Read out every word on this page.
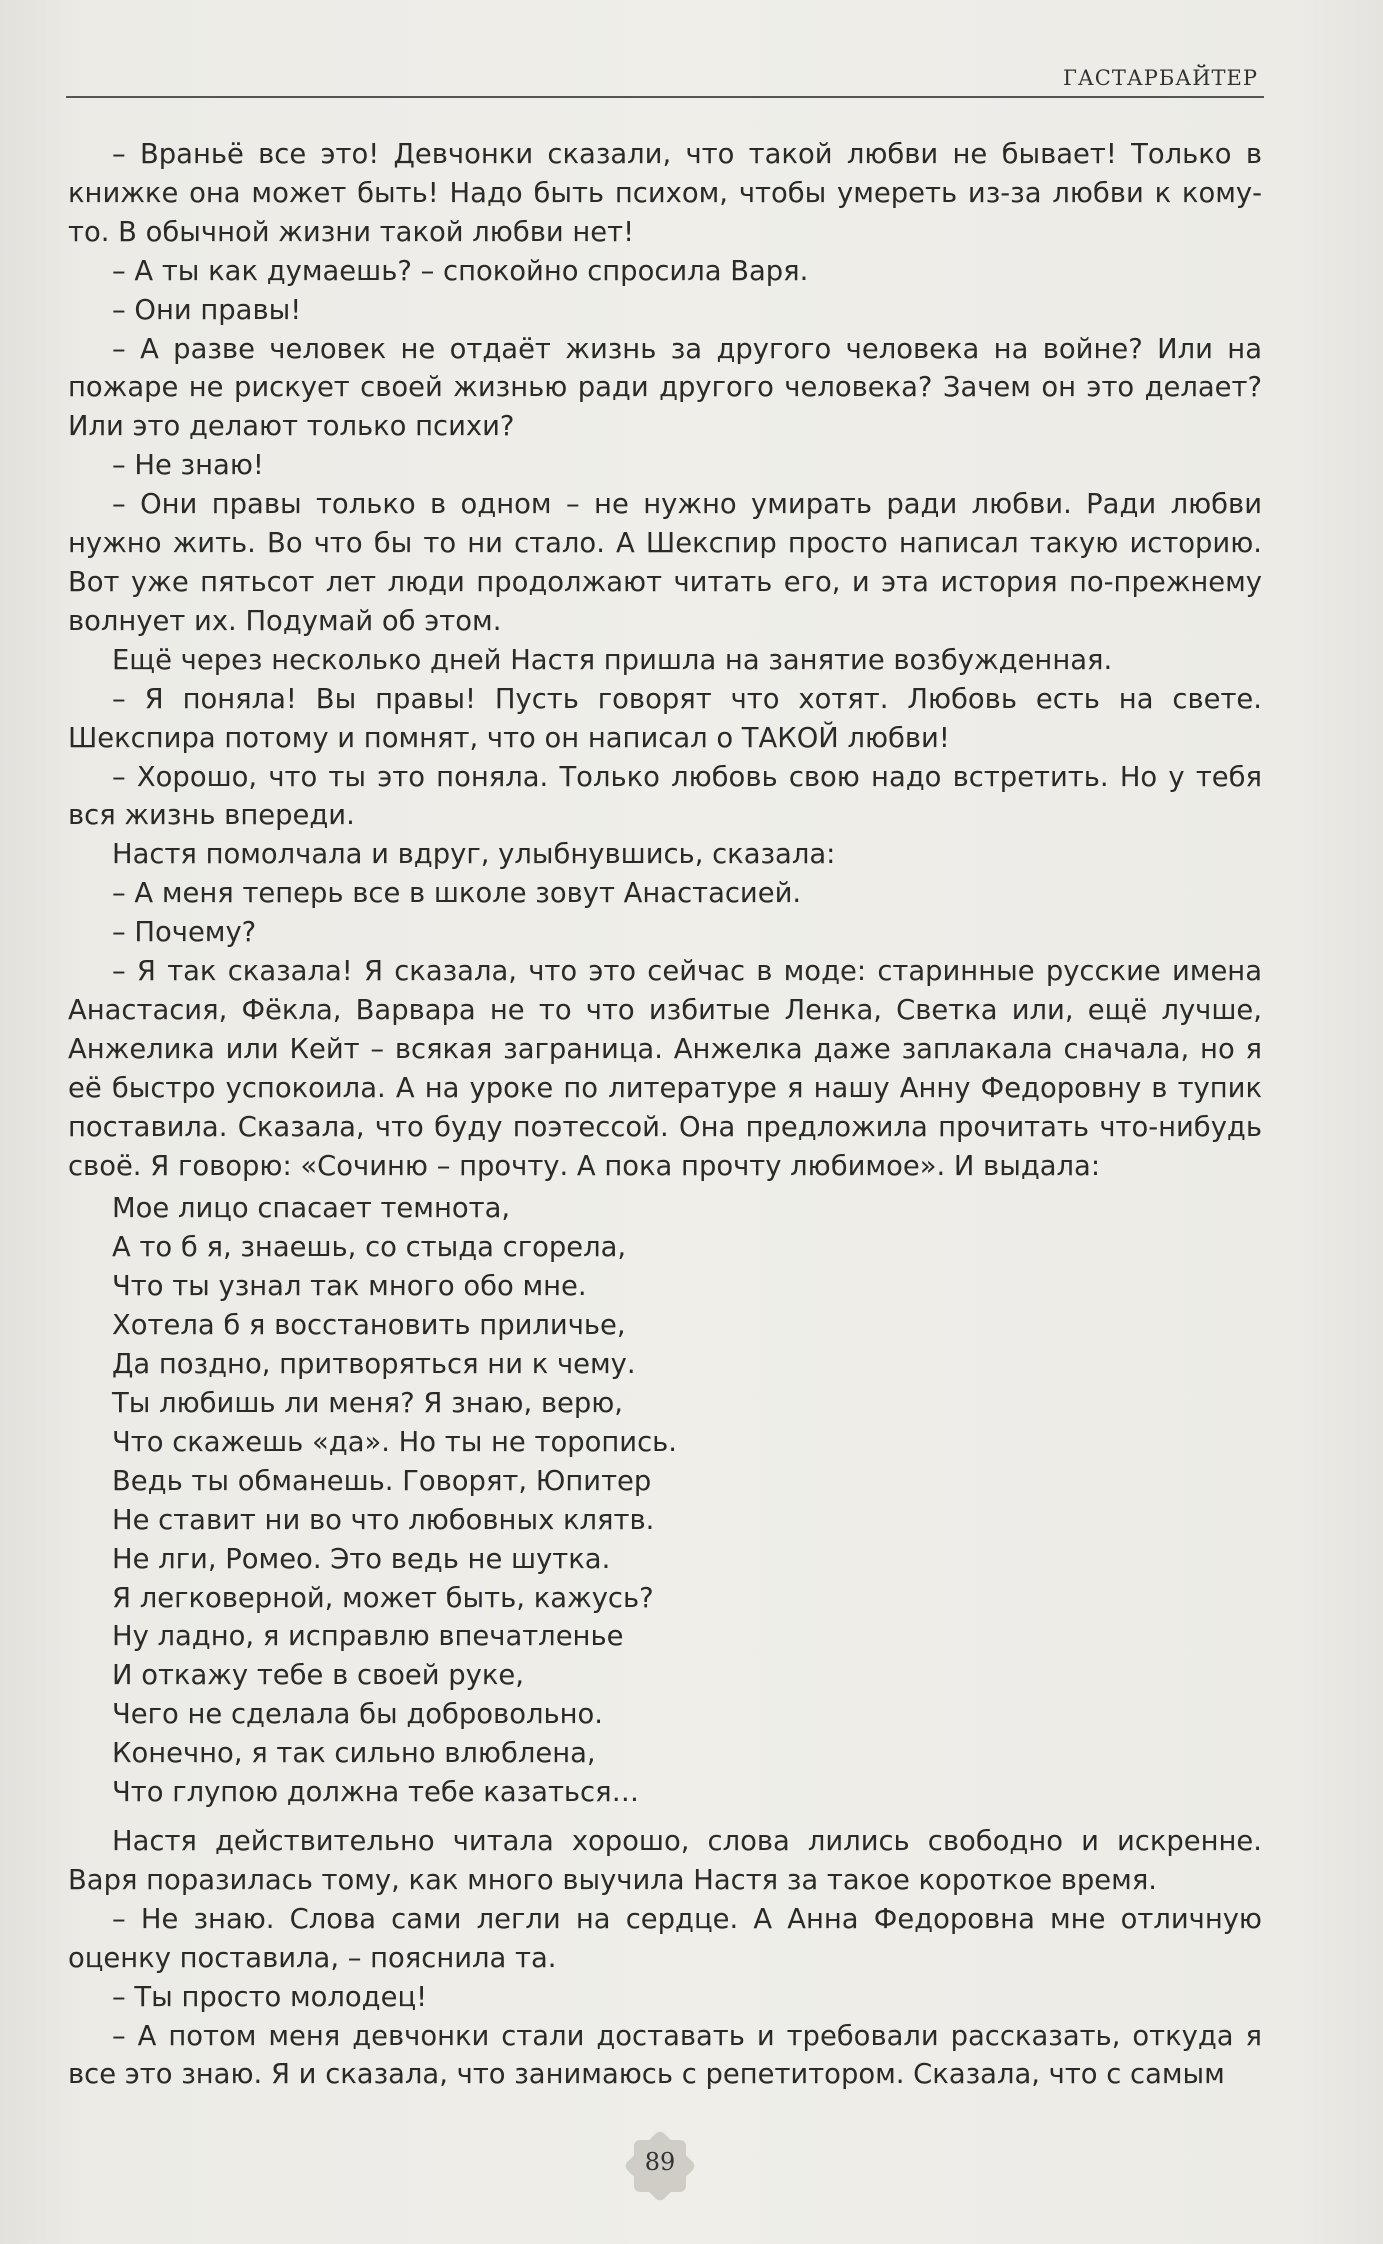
ГАСТАРБАЙТЕР

– Враньё все это! Девчонки сказали, что такой любви не бывает! Только в книжке она может быть! Надо быть психом, чтобы умереть из-за любви к кому-то. В обычной жизни такой любви нет!

– А ты как думаешь? – спокойно спросила Варя.

– Они правы!

– А разве человек не отдаёт жизнь за другого человека на войне? Или на пожаре не рискует своей жизнью ради другого человека? Зачем он это делает? Или это делают только психи?

– Не знаю!

– Они правы только в одном – не нужно умирать ради любви. Ради любви нужно жить. Во что бы то ни стало. А Шекспир просто написал такую историю. Вот уже пятьсот лет люди продолжают читать его, и эта история по-прежнему волнует их. Подумай об этом.

Ещё через несколько дней Настя пришла на занятие возбужденная.

– Я поняла! Вы правы! Пусть говорят что хотят. Любовь есть на свете. Шекспира потому и помнят, что он написал о ТАКОЙ любви!

– Хорошо, что ты это поняла. Только любовь свою надо встретить. Но у тебя вся жизнь впереди.

Настя помолчала и вдруг, улыбнувшись, сказала:

– А меня теперь все в школе зовут Анастасией.

– Почему?

– Я так сказала! Я сказала, что это сейчас в моде: старинные русские имена Анастасия, Фёкла, Варвара не то что избитые Ленка, Светка или, ещё лучше, Анжелика или Кейт – всякая заграница. Анжелка даже заплакала сначала, но я её быстро успокоила. А на уроке по литературе я нашу Анну Федоровну в тупик поставила. Сказала, что буду поэтессой. Она предложила прочитать что-нибудь своё. Я говорю: «Сочиню – прочту. А пока прочту любимое». И выдала:

Мое лицо спасает темнота,
А то б я, знаешь, со стыда сгорела,
Что ты узнал так много обо мне.
Хотела б я восстановить приличье,
Да поздно, притворяться ни к чему.
Ты любишь ли меня? Я знаю, верю,
Что скажешь «да». Но ты не торопись.
Ведь ты обманешь. Говорят, Юпитер
Не ставит ни во что любовных клятв.
Не лги, Ромео. Это ведь не шутка.
Я легковерной, может быть, кажусь?
Ну ладно, я исправлю впечатленье
И откажу тебе в своей руке,
Чего не сделала бы добровольно.
Конечно, я так сильно влюблена,
Что глупою должна тебе казаться…

Настя действительно читала хорошо, слова лились свободно и искренне. Варя поразилась тому, как много выучила Настя за такое короткое время.

– Не знаю. Слова сами легли на сердце. А Анна Федоровна мне отличную оценку поставила, – пояснила та.

– Ты просто молодец!

– А потом меня девчонки стали доставать и требовали рассказать, откуда я все это знаю. Я и сказала, что занимаюсь с репетитором. Сказала, что с самым

89
